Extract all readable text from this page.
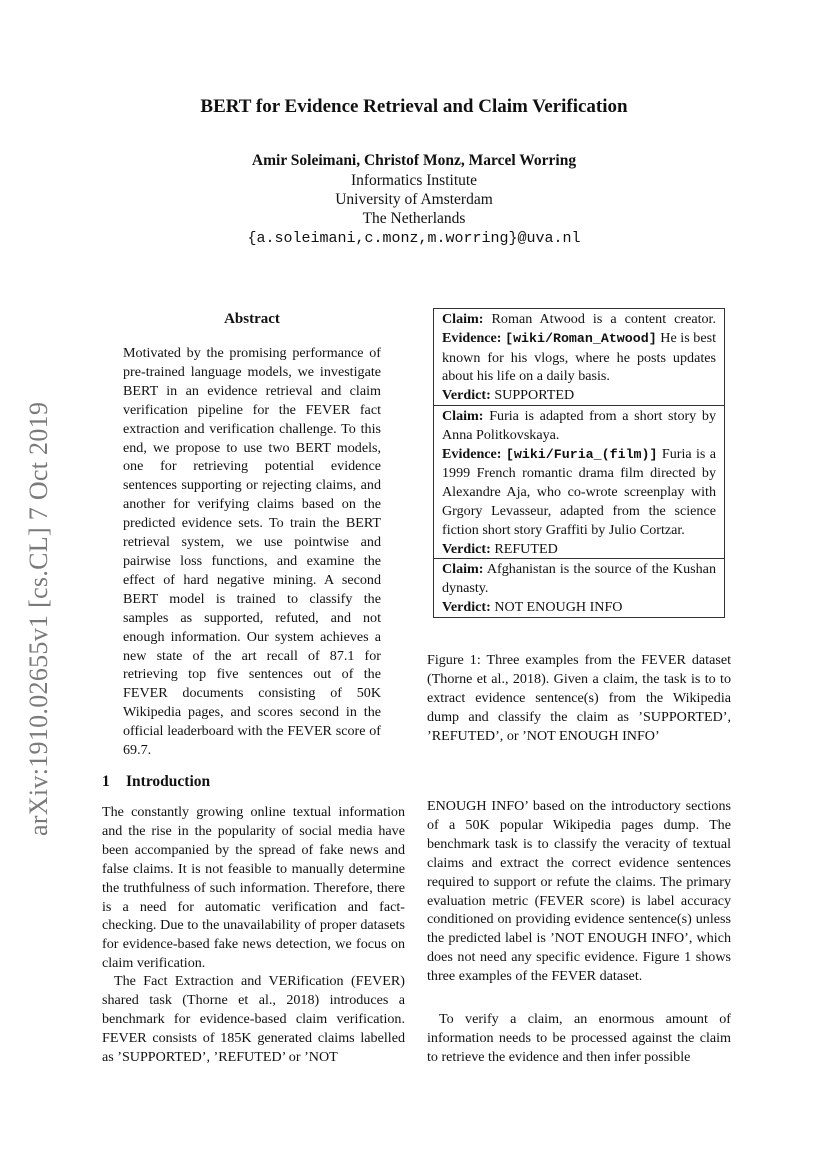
arXiv:1910.02655v1 [cs.CL] 7 Oct 2019
BERT for Evidence Retrieval and Claim Verification
Amir Soleimani, Christof Monz, Marcel Worring
Informatics Institute
University of Amsterdam
The Netherlands
{a.soleimani,c.monz,m.worring}@uva.nl
Abstract
Motivated by the promising performance of pre-trained language models, we investigate BERT in an evidence retrieval and claim verification pipeline for the FEVER fact extraction and verification challenge. To this end, we propose to use two BERT models, one for retrieving potential evidence sentences supporting or rejecting claims, and another for verifying claims based on the predicted evidence sets. To train the BERT retrieval system, we use pointwise and pairwise loss functions, and examine the effect of hard negative mining. A second BERT model is trained to classify the samples as supported, refuted, and not enough information. Our system achieves a new state of the art recall of 87.1 for retrieving top five sentences out of the FEVER documents consisting of 50K Wikipedia pages, and scores second in the official leaderboard with the FEVER score of 69.7.
Claim: Roman Atwood is a content creator. Evidence: [wiki/Roman_Atwood] He is best known for his vlogs, where he posts updates about his life on a daily basis.
Verdict: SUPPORTED
Claim: Furia is adapted from a short story by Anna Politkovskaya.
Evidence: [wiki/Furia_(film)] Furia is a 1999 French romantic drama film directed by Alexandre Aja, who co-wrote screenplay with Grgory Levasseur, adapted from the science fiction short story Graffiti by Julio Cortzar.
Verdict: REFUTED
Claim: Afghanistan is the source of the Kushan dynasty.
Verdict: NOT ENOUGH INFO
Figure 1: Three examples from the FEVER dataset (Thorne et al., 2018). Given a claim, the task is to to extract evidence sentence(s) from the Wikipedia dump and classify the claim as ’SUPPORTED’, ’REFUTED’, or ’NOT ENOUGH INFO’
1 Introduction

The constantly growing online textual information and the rise in the popularity of social media have been accompanied by the spread of fake news and false claims. It is not feasible to manually determine the truthfulness of such information. Therefore, there is a need for automatic verification and fact-checking. Due to the unavailability of proper datasets for evidence-based fake news detection, we focus on claim verification.

The Fact Extraction and VERification (FEVER) shared task (Thorne et al., 2018) introduces a benchmark for evidence-based claim verification. FEVER consists of 185K generated claims labelled as ’SUPPORTED’, ’REFUTED’ or ’NOT

ENOUGH INFO’ based on the introductory sections of a 50K popular Wikipedia pages dump. The benchmark task is to classify the veracity of textual claims and extract the correct evidence sentences required to support or refute the claims. The primary evaluation metric (FEVER score) is label accuracy conditioned on providing evidence sentence(s) unless the predicted label is ’NOT ENOUGH INFO’, which does not need any specific evidence. Figure 1 shows three examples of the FEVER dataset.

To verify a claim, an enormous amount of information needs to be processed against the claim to retrieve the evidence and then infer possible
